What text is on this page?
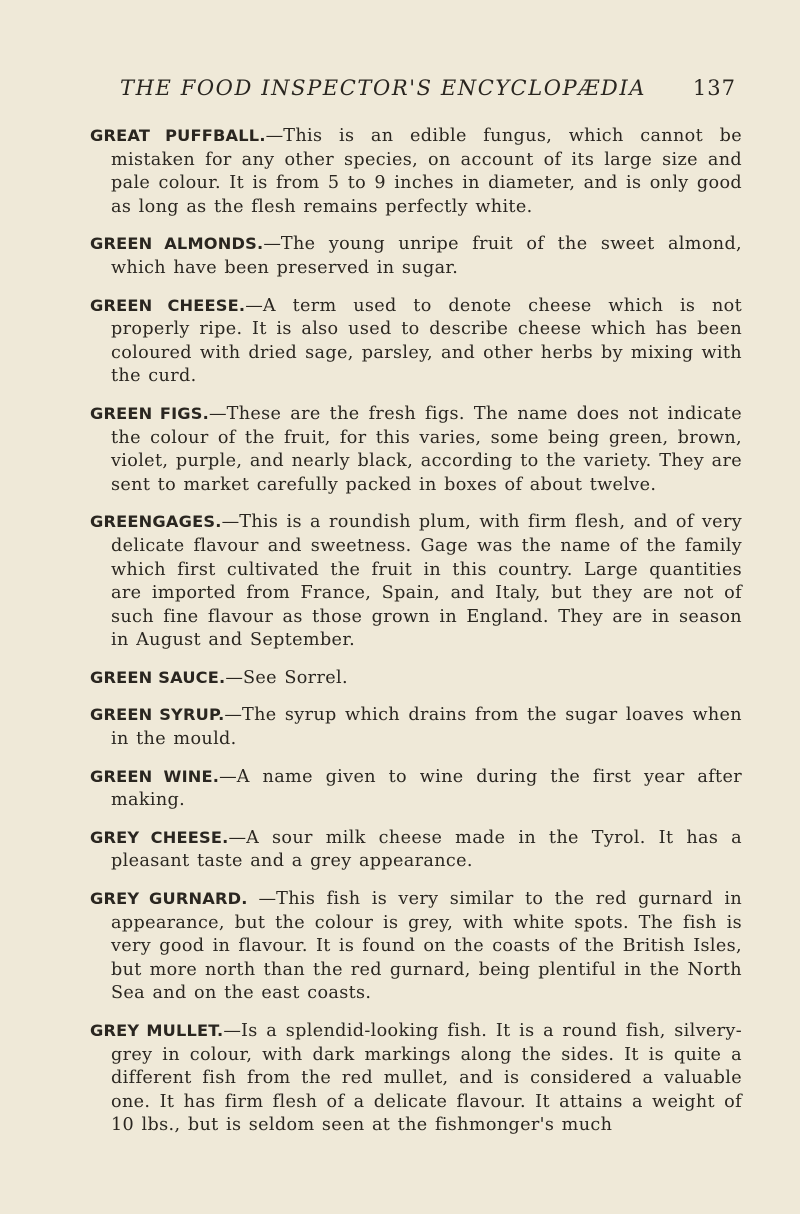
THE FOOD INSPECTOR'S ENCYCLOPÆDIA	137

GREAT PUFFBALL.—This is an edible fungus, which cannot be mistaken for any other species, on account of its large size and pale colour. It is from 5 to 9 inches in diameter, and is only good as long as the flesh remains perfectly white.

GREEN ALMONDS.—The young unripe fruit of the sweet almond, which have been preserved in sugar.

GREEN CHEESE.—A term used to denote cheese which is not properly ripe. It is also used to describe cheese which has been coloured with dried sage, parsley, and other herbs by mixing with the curd.

GREEN FIGS.—These are the fresh figs. The name does not indicate the colour of the fruit, for this varies, some being green, brown, violet, purple, and nearly black, according to the variety. They are sent to market carefully packed in boxes of about twelve.

GREENGAGES.—This is a roundish plum, with firm flesh, and of very delicate flavour and sweetness. Gage was the name of the family which first cultivated the fruit in this country. Large quantities are imported from France, Spain, and Italy, but they are not of such fine flavour as those grown in England. They are in season in August and September.

GREEN SAUCE.—See Sorrel.

GREEN SYRUP.—The syrup which drains from the sugar loaves when in the mould.

GREEN WINE.—A name given to wine during the first year after making.

GREY CHEESE.—A sour milk cheese made in the Tyrol. It has a pleasant taste and a grey appearance.

GREY GURNARD. —This fish is very similar to the red gurnard in appearance, but the colour is grey, with white spots. The fish is very good in flavour. It is found on the coasts of the British Isles, but more north than the red gurnard, being plentiful in the North Sea and on the east coasts.

GREY MULLET.—Is a splendid-looking fish. It is a round fish, silvery-grey in colour, with dark markings along the sides. It is quite a different fish from the red mullet, and is considered a valuable one. It has firm flesh of a delicate flavour. It attains a weight of 10 lbs., but is seldom seen at the fishmonger's much
